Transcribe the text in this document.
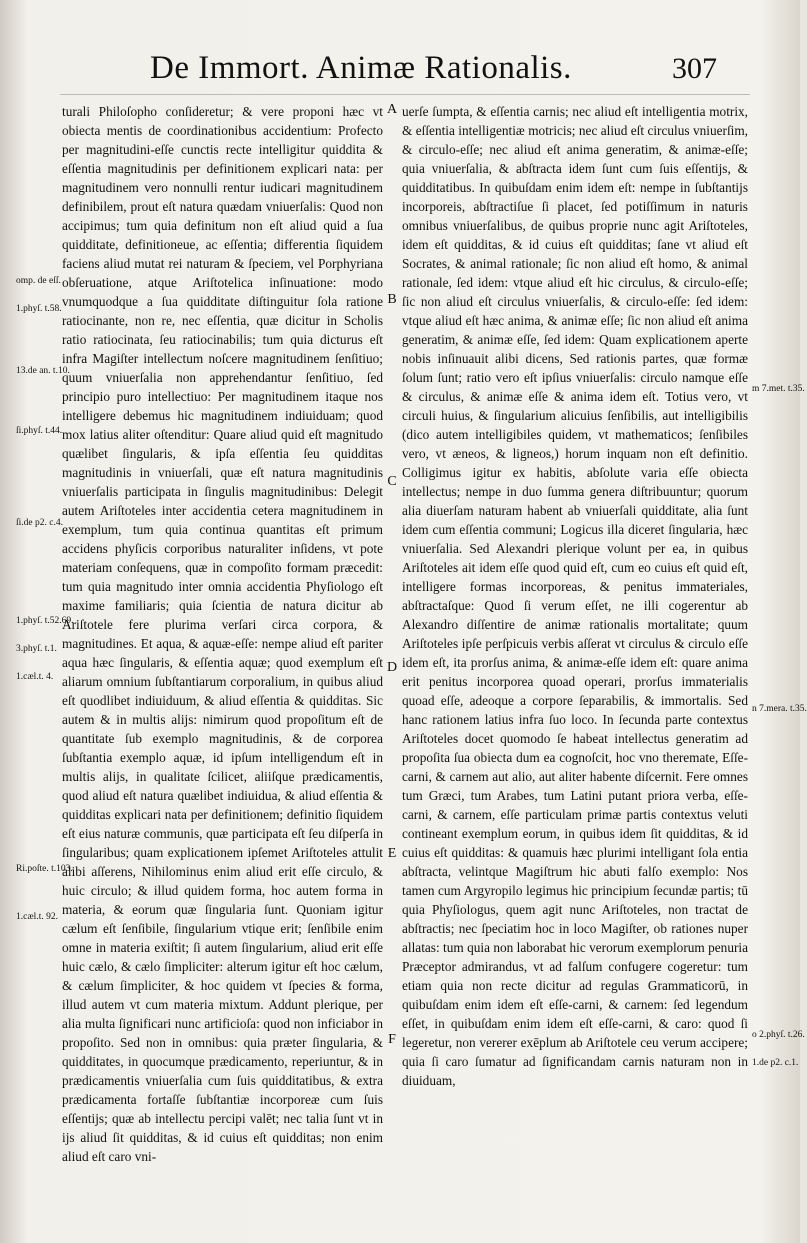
De Immort. Animæ Rationalis.	307

turali Philoſopho conſideretur; & vere proponi hæc vt obiecta mentis de coordinationibus accidentium: Profecto per magnitudini-eſſe cunctis recte intelligitur quiddita & eſſentia magnitudinis per definitionem explicari nata: per magnitudinem vero nonnulli rentur iudicari magnitudinem definibilem, prout eſt natura quædam vniuerſalis: Quod non accipimus; tum quia definitum non eſt aliud quid a ſua quidditate, definitioneue, ac eſſentia; differentia ſiquidem faciens aliud mutat rei naturam & ſpeciem, vel Porphyriana obſeruatione, atque Ariſtotelica inſinuatione: modo vnumquodque a ſua quidditate diſtinguitur ſola ratione ratiocinante, non re, nec eſſentia, quæ dicitur in Scholis ratio ratiocinata, ſeu ratiocinabilis; tum quia dicturus eſt infra Magiſter intellectum noſcere magnitudinem ſenſitiuo; quum vniuerſalia non apprehendantur ſenſitiuo, ſed principio puro intellectiuo: Per magnitudinem itaque nos intelligere debemus hic magnitudinem indiuiduam; quod mox latius aliter oſtenditur: Quare aliud quid eſt magnitudo quælibet ſingularis, & ipſa eſſentia ſeu quidditas magnitudinis in vniuerſali, quæ eſt natura magnitudinis vniuerſalis participata in ſingulis magnitudinibus: Delegit autem Ariſtoteles inter accidentia cetera magnitudinem in exemplum, tum quia continua quantitas eſt primum accidens phyſicis corporibus naturaliter inſidens, vt pote materiam conſequens, quæ in compoſito formam præcedit: tum quia magnitudo inter omnia accidentia Phyſiologo eſt maxime familiaris; quia ſcientia de natura dicitur ab Ariſtotele fere plurima verſari circa corpora, & magnitudines. Et aqua, & aquæ-eſſe: nempe aliud eſt pariter aqua hæc ſingularis, & eſſentia aquæ; quod exemplum eſt aliarum omnium ſubſtantiarum corporalium, in quibus aliud eſt quodlibet indiuiduum, & aliud eſſentia & quidditas. Sic autem & in multis alijs: nimirum quod propoſitum eſt de quantitate ſub exemplo magnitudinis, & de corporea ſubſtantia exemplo aquæ, id ipſum intelligendum eſt in multis alijs, in qualitate ſcilicet, aliiſque prædicamentis, quod aliud eſt natura quælibet indiuidua, & aliud eſſentia & quidditas explicari nata per definitionem; definitio ſiquidem eſt eius naturæ communis, quæ participata eſt ſeu diſperſa in ſingularibus; quam explicationem ipſemet Ariſtoteles attulit alibi aſſerens, Nihilominus enim aliud erit eſſe circulo, & huic circulo; & illud quidem forma, hoc autem forma in materia, & eorum quæ ſingularia ſunt. Quoniam igitur cælum eſt ſenſibile, ſingularium vtique erit; ſenſibile enim omne in materia exiſtit; ſi autem ſingularium, aliud erit eſſe huic cælo, & cælo ſimpliciter: alterum igitur eſt hoc cælum, & cælum ſimpliciter, & hoc quidem vt ſpecies & forma, illud autem vt cum materia mixtum. Addunt plerique, per alia multa ſignificari nunc artificioſa: quod non inficiabor in propoſito. Sed non in omnibus: quia præter ſingularia, & quidditates, in quocumque prædicamento, reperiuntur, & in prædicamentis vniuerſalia cum ſuis quidditatibus, & extra prædicamenta fortaſſe ſubſtantiæ incorporeæ cum ſuis eſſentijs; quæ ab intellectu percipi valēt; nec talia ſunt vt in ijs aliud ſit quidditas, & id cuius eſt quidditas; non enim aliud eſt caro vni-

A
B
C
D
E
F

uerſe ſumpta, & eſſentia carnis; nec aliud eſt intelligentia motrix, & eſſentia intelligentiæ motricis; nec aliud eſt circulus vniuerſim, & circulo-eſſe; nec aliud eſt anima generatim, & animæ-eſſe; quia vniuerſalia, & abſtracta idem ſunt cum ſuis eſſentijs, & quidditatibus. In quibuſdam enim idem eſt: nempe in ſubſtantijs incorporeis, abſtractiſue ſi placet, ſed potiſſimum in naturis omnibus vniuerſalibus, de quibus proprie nunc agit Ariſtoteles, idem eſt quidditas, & id cuius eſt quidditas; ſane vt aliud eſt Socrates, & animal rationale; ſic non aliud eſt homo, & animal rationale, ſed idem: vtque aliud eſt hic circulus, & circulo-eſſe; ſic non aliud eſt circulus vniuerſalis, & circulo-eſſe: ſed idem: vtque aliud eſt hæc anima, & animæ eſſe; ſic non aliud eſt anima generatim, & animæ eſſe, ſed idem: Quam explicationem aperte nobis inſinuauit alibi dicens, Sed rationis partes, quæ formæ ſolum ſunt; ratio vero eſt ipſius vniuerſalis: circulo namque eſſe & circulus, & animæ eſſe & anima idem eſt. Totius vero, vt circuli huius, & ſingularium alicuius ſenſibilis, aut intelligibilis (dico autem intelligibiles quidem, vt mathematicos; ſenſibiles vero, vt æneos, & ligneos,) horum inquam non eſt definitio. Colligimus igitur ex habitis, abſolute varia eſſe obiecta intellectus; nempe in duo ſumma genera diſtribuuntur; quorum alia diuerſam naturam habent ab vniuerſali quidditate, alia ſunt idem cum eſſentia communi; Logicus illa diceret ſingularia, hæc vniuerſalia. Sed Alexandri plerique volunt per ea, in quibus Ariſtoteles ait idem eſſe quod quid eſt, cum eo cuius eſt quid eſt, intelligere formas incorporeas, & penitus immateriales, abſtractaſque: Quod ſi verum eſſet, ne illi cogerentur ab Alexandro diſſentire de animæ rationalis mortalitate; quum Ariſtoteles ipſe perſpicuis verbis aſſerat vt circulus & circulo eſſe idem eſt, ita prorſus anima, & animæ-eſſe idem eſt: quare anima erit penitus incorporea quoad operari, prorſus immaterialis quoad eſſe, adeoque a corpore ſeparabilis, & immortalis. Sed hanc rationem latius infra ſuo loco. In ſecunda parte contextus Ariſtoteles docet quomodo ſe habeat intellectus generatim ad propoſita ſua obiecta dum ea cognoſcit, hoc vno theremate, Eſſe-carni, & carnem aut alio, aut aliter habente diſcernit. Fere omnes tum Græci, tum Arabes, tum Latini putant priora verba, eſſe-carni, & carnem, eſſe particulam primæ partis contextus veluti contineant exemplum eorum, in quibus idem ſit quidditas, & id cuius eſt quidditas: & quamuis hæc plurimi intelligant ſola entia abſtracta, velintque Magiſtrum hic abuti falſo exemplo: Nos tamen cum Argyropilo legimus hic principium ſecundæ partis; tū quia Phyſiologus, quem agit nunc Ariſtoteles, non tractat de abſtractis; nec ſpeciatim hoc in loco Magiſter, ob rationes nuper allatas: tum quia non laborabat hic verorum exemplorum penuria Præceptor admirandus, vt ad falſum confugere cogeretur: tum etiam quia non recte dicitur ad regulas Grammaticorū, in quibuſdam enim idem eſt eſſe-carni, & carnem: ſed legendum eſſet, in quibuſdam enim idem eſt eſſe-carni, & caro: quod ſi legeretur, non vererer exēplum ab Ariſtotele ceu verum accipere; quia ſi caro ſumatur ad ſignificandam carnis naturam non in diuiduam,

omp. de eſſ.
1.phyſ. t.58.
13.de an. t.10.
ſi.phyſ. t.44.
ſi.de p2. c.4.
1.phyſ. t.52.69.
3.phyſ. t.1.
1.cæl.t. 4.
Ri.poſte. t.103.
1.cæl.t. 92.
m 7.met. t.35.
n 7.mera. t.35.
o 2.phyſ. t.26.
1.de p2. c.1.
